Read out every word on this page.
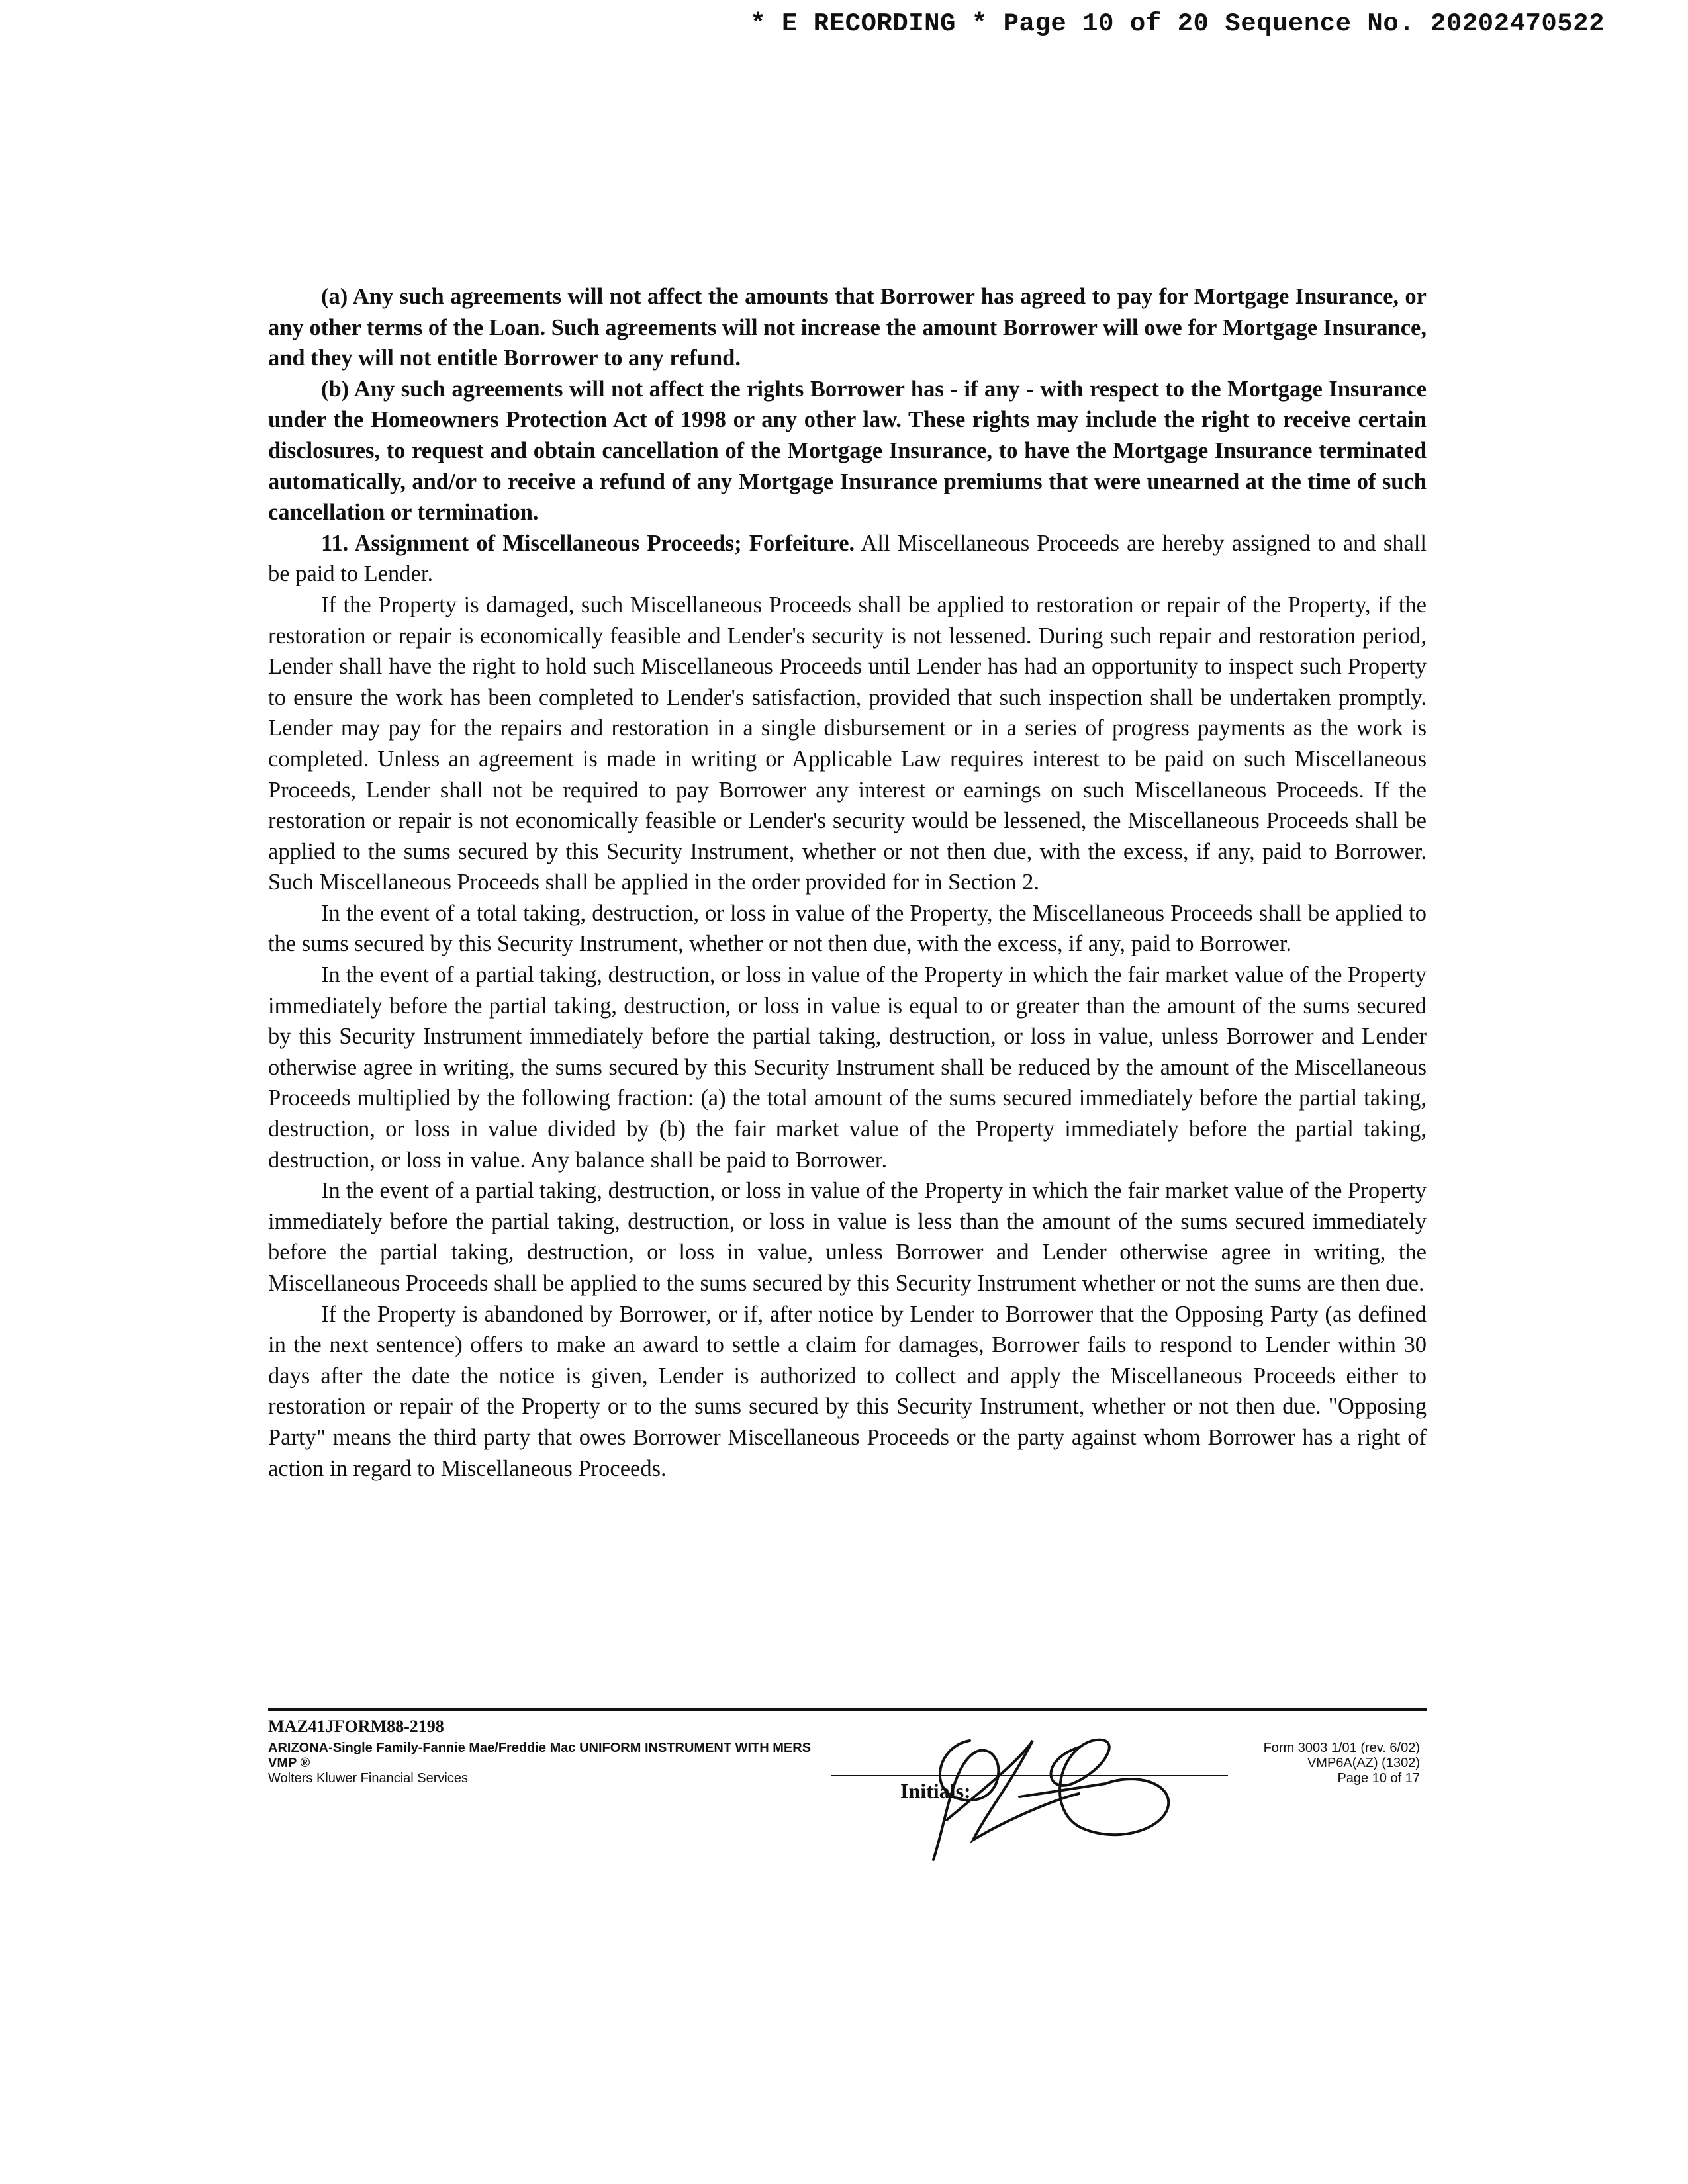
* E RECORDING * Page 10 of 20 Sequence No. 20202470522

(a) Any such agreements will not affect the amounts that Borrower has agreed to pay for Mortgage Insurance, or any other terms of the Loan. Such agreements will not increase the amount Borrower will owe for Mortgage Insurance, and they will not entitle Borrower to any refund.

(b) Any such agreements will not affect the rights Borrower has - if any - with respect to the Mortgage Insurance under the Homeowners Protection Act of 1998 or any other law. These rights may include the right to receive certain disclosures, to request and obtain cancellation of the Mortgage Insurance, to have the Mortgage Insurance terminated automatically, and/or to receive a refund of any Mortgage Insurance premiums that were unearned at the time of such cancellation or termination.

11. Assignment of Miscellaneous Proceeds; Forfeiture. All Miscellaneous Proceeds are hereby assigned to and shall be paid to Lender.

If the Property is damaged, such Miscellaneous Proceeds shall be applied to restoration or repair of the Property, if the restoration or repair is economically feasible and Lender's security is not lessened. During such repair and restoration period, Lender shall have the right to hold such Miscellaneous Proceeds until Lender has had an opportunity to inspect such Property to ensure the work has been completed to Lender's satisfaction, provided that such inspection shall be undertaken promptly. Lender may pay for the repairs and restoration in a single disbursement or in a series of progress payments as the work is completed. Unless an agreement is made in writing or Applicable Law requires interest to be paid on such Miscellaneous Proceeds, Lender shall not be required to pay Borrower any interest or earnings on such Miscellaneous Proceeds. If the restoration or repair is not economically feasible or Lender's security would be lessened, the Miscellaneous Proceeds shall be applied to the sums secured by this Security Instrument, whether or not then due, with the excess, if any, paid to Borrower. Such Miscellaneous Proceeds shall be applied in the order provided for in Section 2.

In the event of a total taking, destruction, or loss in value of the Property, the Miscellaneous Proceeds shall be applied to the sums secured by this Security Instrument, whether or not then due, with the excess, if any, paid to Borrower.

In the event of a partial taking, destruction, or loss in value of the Property in which the fair market value of the Property immediately before the partial taking, destruction, or loss in value is equal to or greater than the amount of the sums secured by this Security Instrument immediately before the partial taking, destruction, or loss in value, unless Borrower and Lender otherwise agree in writing, the sums secured by this Security Instrument shall be reduced by the amount of the Miscellaneous Proceeds multiplied by the following fraction: (a) the total amount of the sums secured immediately before the partial taking, destruction, or loss in value divided by (b) the fair market value of the Property immediately before the partial taking, destruction, or loss in value. Any balance shall be paid to Borrower.

In the event of a partial taking, destruction, or loss in value of the Property in which the fair market value of the Property immediately before the partial taking, destruction, or loss in value is less than the amount of the sums secured immediately before the partial taking, destruction, or loss in value, unless Borrower and Lender otherwise agree in writing, the Miscellaneous Proceeds shall be applied to the sums secured by this Security Instrument whether or not the sums are then due.

If the Property is abandoned by Borrower, or if, after notice by Lender to Borrower that the Opposing Party (as defined in the next sentence) offers to make an award to settle a claim for damages, Borrower fails to respond to Lender within 30 days after the date the notice is given, Lender is authorized to collect and apply the Miscellaneous Proceeds either to restoration or repair of the Property or to the sums secured by this Security Instrument, whether or not then due. "Opposing Party" means the third party that owes Borrower Miscellaneous Proceeds or the party against whom Borrower has a right of action in regard to Miscellaneous Proceeds.

MAZ41JFORM88-2198
ARIZONA-Single Family-Fannie Mae/Freddie Mac UNIFORM INSTRUMENT WITH MERS
VMP ®
Wolters Kluwer Financial Services
Initials:
Form 3003 1/01 (rev. 6/02)
VMP6A(AZ) (1302)
Page 10 of 17
